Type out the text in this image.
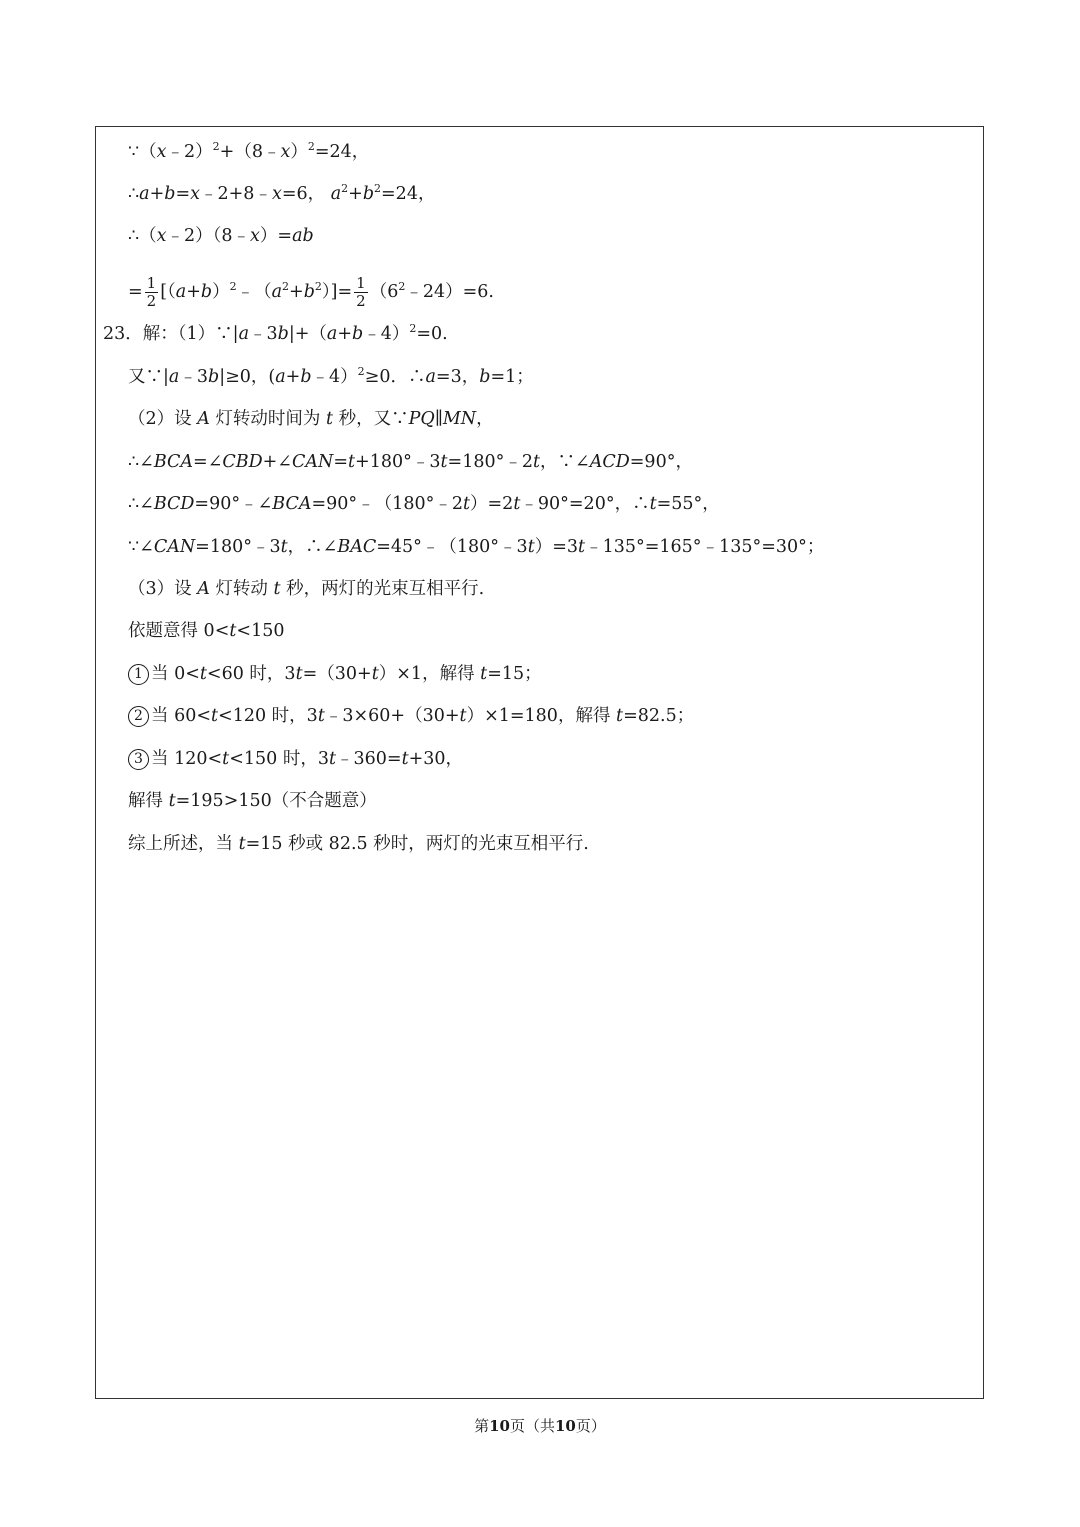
∵（x﹣2）$^2$+（8﹣x）$^2$=24，
∴a+b=x﹣2+8﹣x=6， $a^2+b^2=24$，
∴（x﹣2）（8﹣x）=ab
= $\frac{1}{2}$ $[(a+b)^2﹣(a^2+b^2)]= \frac{1}{2}$ $(6^2﹣24)=6$.
23．解：（1）∵|a﹣3b|+（a+b﹣4）$^2$=0.
又∵|a﹣3b|≥0，(a+b﹣4）$^2$≥0．∴a=3，b=1；
（2）设 A 灯转动时间为 t 秒，又∵PQ∥MN，
∴∠BCA=∠CBD+∠CAN=t+180°﹣3t=180°﹣2t，∵∠ACD=90°，
∴∠BCD=90°﹣∠BCA=90°﹣（180°﹣2t）=2t﹣90°=20°，∴t=55°，
∵∠CAN=180°﹣3t，∴∠BAC=45°﹣（180°﹣3t）=3t﹣135°=165°﹣135°=30°；
（3）设 A 灯转动 t 秒，两灯的光束互相平行.
依题意得 0<t<150
1 当 0<t<60 时，3t=（30+t）×1，解得 t=15；
2 当 60<t<120 时，3t﹣3×60+（30+t）×1=180，解得 t=82.5；
3 当 120<t<150 时，3t﹣360=t+30，
解得 t=195>150（不合题意）
综上所述，当 t=15 秒或 82.5 秒时，两灯的光束互相平行.
第10页（共10页）
